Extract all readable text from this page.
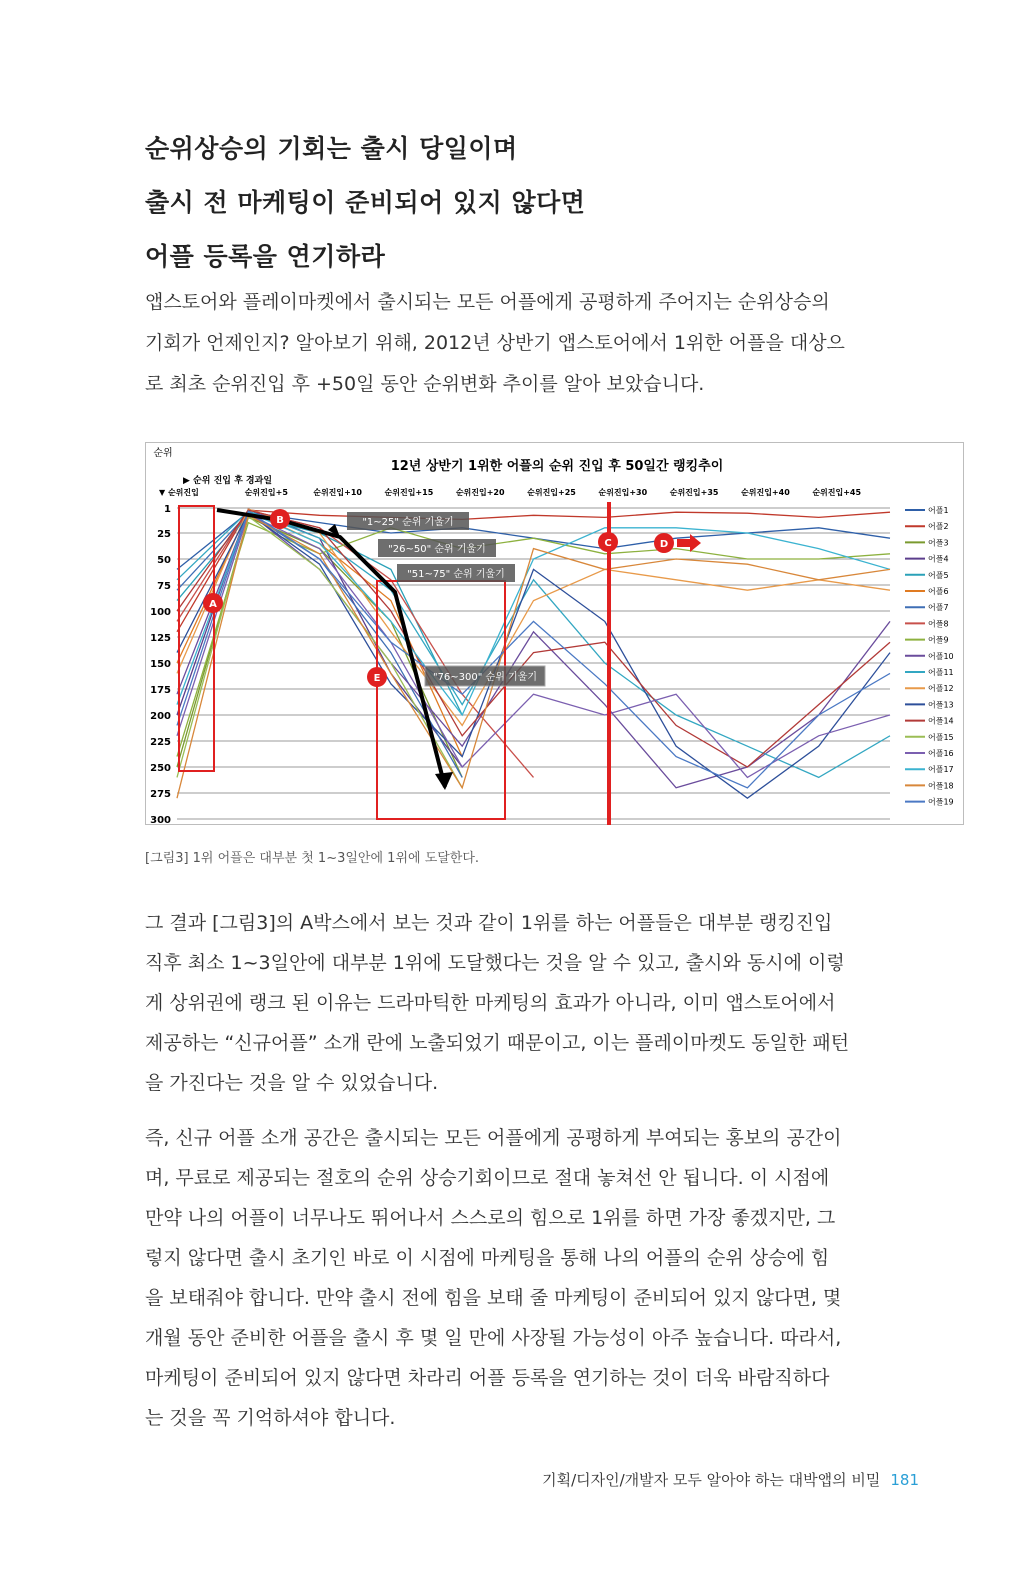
순위상승의 기회는 출시 당일이며
출시 전 마케팅이 준비되어 있지 않다면
어플 등록을 연기하라
앱스토어와 플레이마켓에서 출시되는 모든 어플에게 공평하게 주어지는 순위상승의
기회가 언제인지? 알아보기 위해, 2012년 상반기 앱스토어에서 1위한 어플을 대상으
로 최초 순위진입 후 +50일 동안 순위변화 추이를 알아 보았습니다.
순위
12년 상반기 1위한 어플의 순위 진입 후 50일간 랭킹추이
▶ 순위 진입 후 경과일
▼ 순위진입	순위진입+5	순위진입+10	순위진입+15	순위진입+20	순위진입+25	순위진입+30	순위진입+35	순위진입+40	순위진입+45
1
25
50
75
100
125
150
175
200
225
250
275
300
"1~25" 순위 기울기
"26~50" 순위 기울기
"51~75" 순위 기울기
"76~300" 순위 기울기
A
B
C	D
E
어플1
어플2
어플3
어플4
어플5
어플6
어플7
어플8
어플9
어플10
어플11
어플12
어플13
어플14
어플15
어플16
어플17
어플18
어플19
[그림3] 1위 어플은 대부분 첫 1~3일안에 1위에 도달한다.
그 결과 [그림3]의 A박스에서 보는 것과 같이 1위를 하는 어플들은 대부분 랭킹진입
직후 최소 1~3일안에 대부분 1위에 도달했다는 것을 알 수 있고, 출시와 동시에 이렇
게 상위권에 랭크 된 이유는 드라마틱한 마케팅의 효과가 아니라, 이미 앱스토어에서
제공하는 “신규어플” 소개 란에 노출되었기 때문이고, 이는 플레이마켓도 동일한 패턴
을 가진다는 것을 알 수 있었습니다.
즉, 신규 어플 소개 공간은 출시되는 모든 어플에게 공평하게 부여되는 홍보의 공간이
며, 무료로 제공되는 절호의 순위 상승기회이므로 절대 놓쳐선 안 됩니다. 이 시점에
만약 나의 어플이 너무나도 뛰어나서 스스로의 힘으로 1위를 하면 가장 좋겠지만, 그
렇지 않다면 출시 초기인 바로 이 시점에 마케팅을 통해 나의 어플의 순위 상승에 힘
을 보태줘야 합니다. 만약 출시 전에 힘을 보태 줄 마케팅이 준비되어 있지 않다면, 몇
개월 동안 준비한 어플을 출시 후 몇 일 만에 사장될 가능성이 아주 높습니다. 따라서,
마케팅이 준비되어 있지 않다면 차라리 어플 등록을 연기하는 것이 더욱 바람직하다
는 것을 꼭 기억하셔야 합니다.
기획/디자인/개발자 모두 알아야 하는 대박앱의 비밀 181
